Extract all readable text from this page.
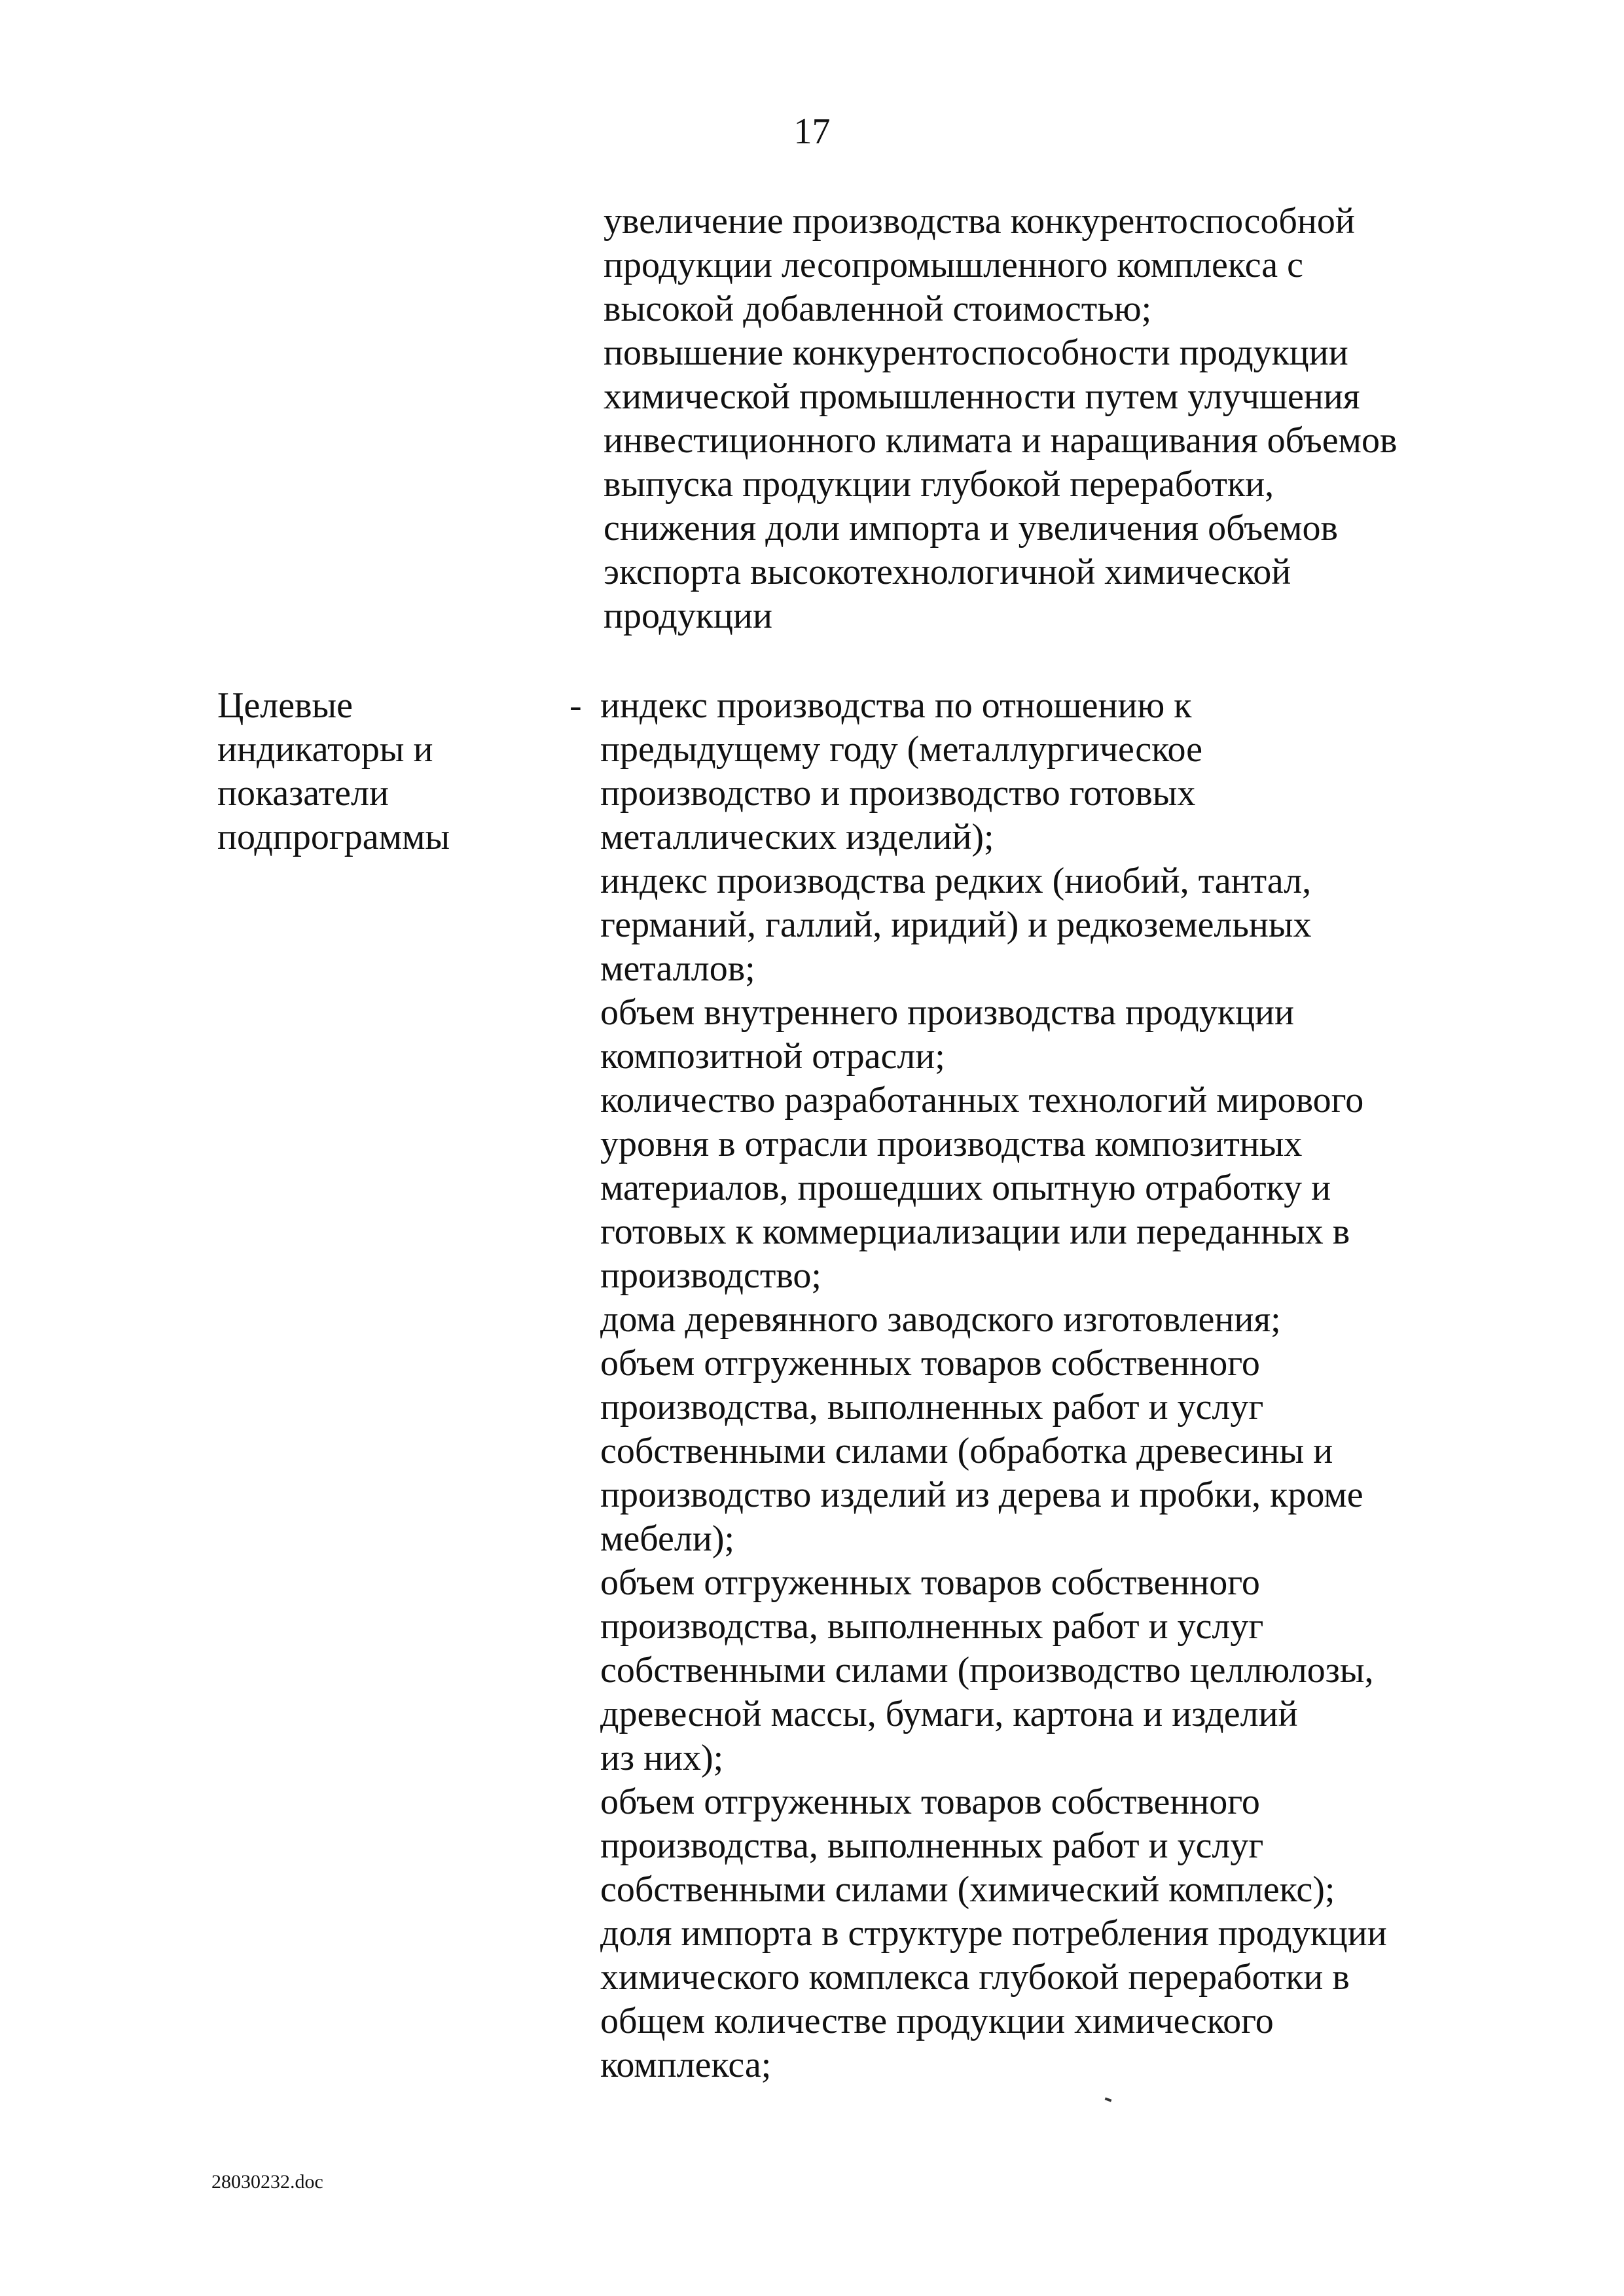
17
увеличение производства конкурентоспособной
продукции лесопромышленного комплекса с
высокой добавленной стоимостью;
повышение конкурентоспособности продукции
химической промышленности путем улучшения
инвестиционного климата и наращивания объемов
выпуска продукции глубокой переработки,
снижения доли импорта и увеличения объемов
экспорта высокотехнологичной химической
продукции
Целевые
индикаторы и
показатели
подпрограммы
- индекс производства по отношению к
предыдущему году (металлургическое
производство и производство готовых
металлических изделий);
индекс производства редких (ниобий, тантал,
германий, галлий, иридий) и редкоземельных
металлов;
объем внутреннего производства продукции
композитной отрасли;
количество разработанных технологий мирового
уровня в отрасли производства композитных
материалов, прошедших опытную отработку и
готовых к коммерциализации или переданных в
производство;
дома деревянного заводского изготовления;
объем отгруженных товаров собственного
производства, выполненных работ и услуг
собственными силами (обработка древесины и
производство изделий из дерева и пробки, кроме
мебели);
объем отгруженных товаров собственного
производства, выполненных работ и услуг
собственными силами (производство целлюлозы,
древесной массы, бумаги, картона и изделий
из них);
объем отгруженных товаров собственного
производства, выполненных работ и услуг
собственными силами (химический комплекс);
доля импорта в структуре потребления продукции
химического комплекса глубокой переработки в
общем количестве продукции химического
комплекса;
28030232.doc
